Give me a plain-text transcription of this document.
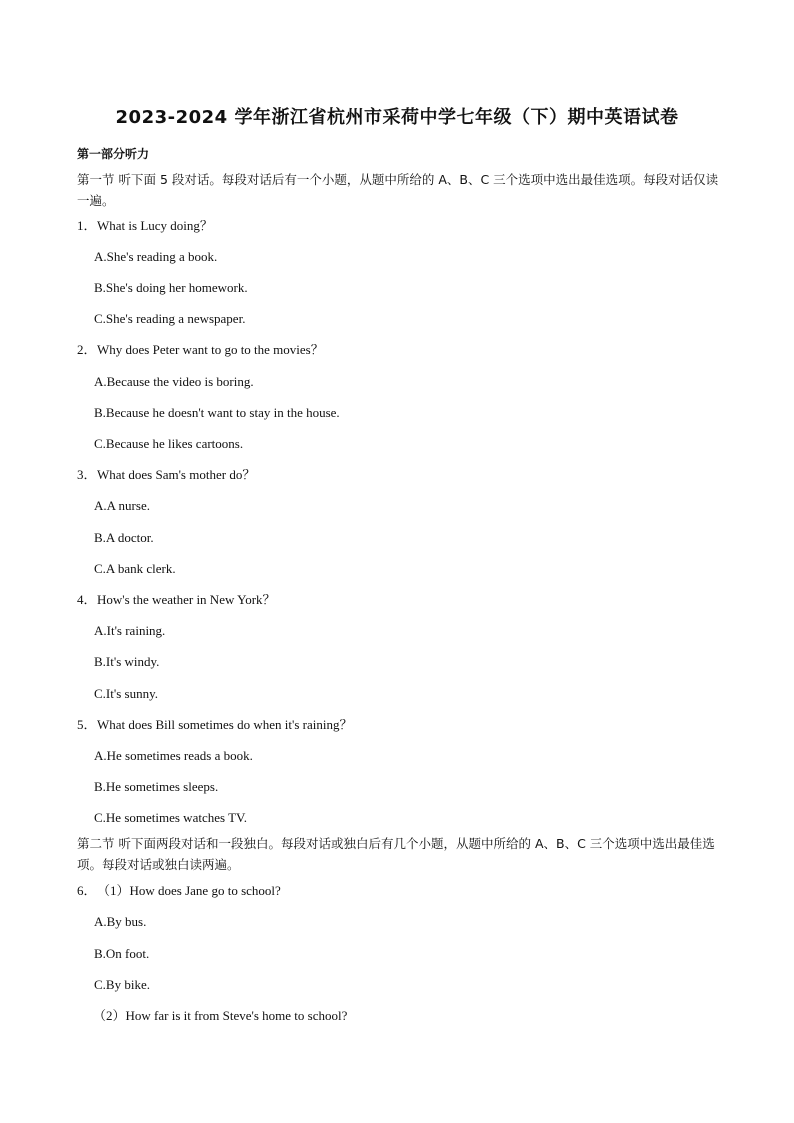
2023-2024 学年浙江省杭州市采荷中学七年级（下）期中英语试卷
第一部分听力
第一节 听下面 5 段对话。每段对话后有一个小题，从题中所给的 A、B、C 三个选项中选出最佳选项。每段对话仅读一遍。
1．What is Lucy doing？
A.She's reading a book.
B.She's doing her homework.
C.She's reading a newspaper.
2．Why does Peter want to go to the movies？
A.Because the video is boring.
B.Because he doesn't want to stay in the house.
C.Because he likes cartoons.
3．What does Sam's mother do？
A.A nurse.
B.A doctor.
C.A bank clerk.
4．How's the weather in New York？
A.It's raining.
B.It's windy.
C.It's sunny.
5．What does Bill sometimes do when it's raining？
A.He sometimes reads a book.
B.He sometimes sleeps.
C.He sometimes watches TV.
第二节 听下面两段对话和一段独白。每段对话或独白后有几个小题，从题中所给的 A、B、C 三个选项中选出最佳选项。每段对话或独白读两遍。
6．（1）How does Jane go to school?
A.By bus.
B.On foot.
C.By bike.
（2）How far is it from Steve's home to school?
